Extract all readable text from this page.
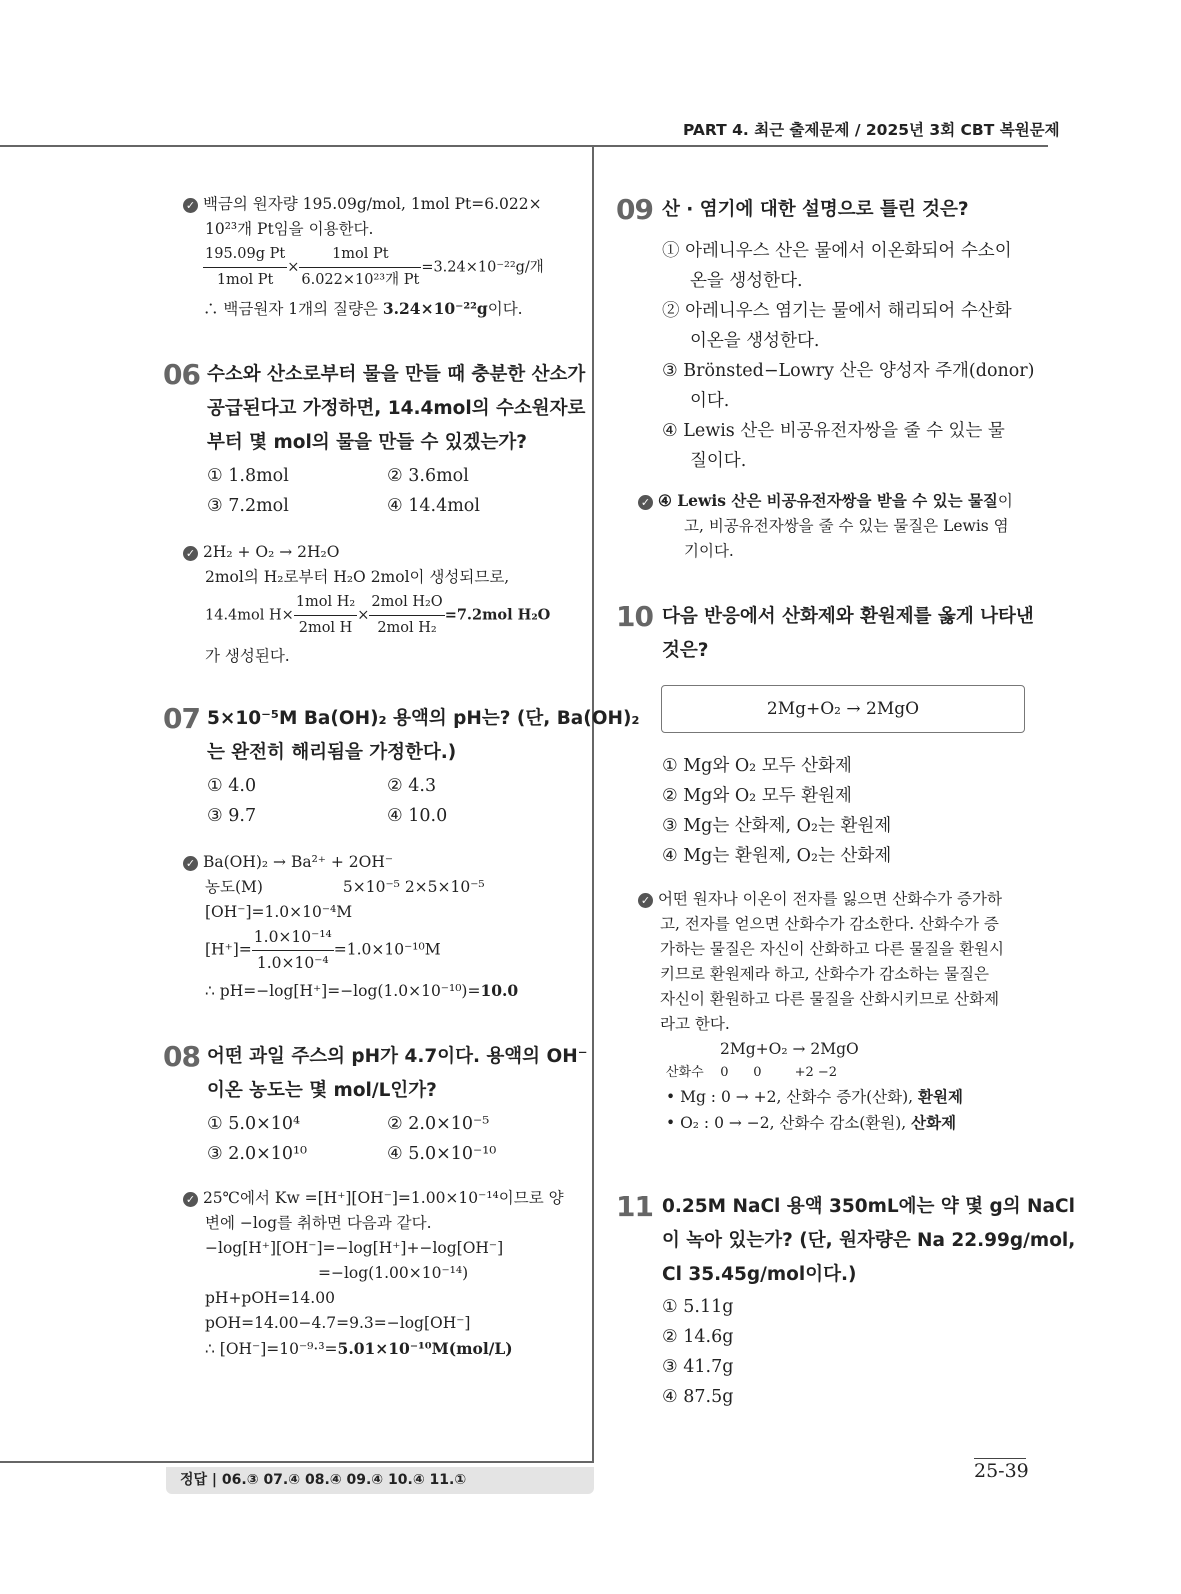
PART 4. 최근 출제문제 / 2025년 3회 CBT 복원문제
✓ 백금의 원자량 195.09g/mol, 1mol Pt=6.022×
10²³개 Pt임을 이용한다.
$\frac{\text{195.09g Pt}}{\text{1mol Pt}} \times \frac{\text{1mol Pt}}{\text{6.022×10²³개 Pt}} =3.24\times 10^{-22}g/$개
∴ 백금원자 1개의 질량은 3.24×10⁻²²g이다.
06 수소와 산소로부터 물을 만들 때 충분한 산소가
공급된다고 가정하면, 14.4mol의 수소원자로
부터 몇 mol의 물을 만들 수 있겠는가?
① 1.8mol	② 3.6mol
③ 7.2mol	④ 14.4mol
✓ 2H₂ + O₂ → 2H₂O
2mol의 H₂로부터 H₂O 2mol이 생성되므로,
14.4mol $H\times \frac{\text{1mol H₂}}{\text{2mol H}} \times \frac{\text{2mol H₂O}}{\text{2mol H₂}} =7.2mol$ H₂O
가 생성된다.
07 5×10⁻⁵M Ba(OH)₂ 용액의 pH는? (단, Ba(OH)₂
는 완전히 해리됨을 가정한다.)
① 4.0	② 4.3
③ 9.7	④ 10.0
✓ Ba(OH)₂ → Ba²⁺ + 2OH⁻
농도(M)	5×10⁻⁵ 2×5×10⁻⁵
[OH⁻]=1.0×10⁻⁴M
$[H^+]= \frac{\text{1.0×10⁻¹⁴}}{\text{1.0×10⁻⁴}} =1.0\times 10^{-10}M$
∴ pH=−log[H⁺]=−log(1.0×10⁻¹⁰)=10.0
08 어떤 과일 주스의 pH가 4.7이다. 용액의 OH⁻
이온 농도는 몇 mol/L인가?
① 5.0×10⁴	② 2.0×10⁻⁵
③ 2.0×10¹⁰	④ 5.0×10⁻¹⁰
✓ 25℃에서 Kw =[H⁺][OH⁻]=1.00×10⁻¹⁴이므로 양
변에 −log를 취하면 다음과 같다.
−log[H⁺][OH⁻]=−log[H⁺]+−log[OH⁻]
=−log(1.00×10⁻¹⁴)
pH+pOH=14.00
pOH=14.00−4.7=9.3=−log[OH⁻]
∴ [OH⁻]=10⁻⁹·³=5.01×10⁻¹⁰M(mol/L)
09 산 · 염기에 대한 설명으로 틀린 것은?
① 아레니우스 산은 물에서 이온화되어 수소이
온을 생성한다.
② 아레니우스 염기는 물에서 해리되어 수산화
이온을 생성한다.
③ Brönsted−Lowry 산은 양성자 주개(donor)
이다.
④ Lewis 산은 비공유전자쌍을 줄 수 있는 물
질이다.
✓ ④ Lewis 산은 비공유전자쌍을 받을 수 있는 물질이
고, 비공유전자쌍을 줄 수 있는 물질은 Lewis 염
기이다.
10 다음 반응에서 산화제와 환원제를 옳게 나타낸
것은?
2Mg+O₂ → 2MgO
① Mg와 O₂ 모두 산화제
② Mg와 O₂ 모두 환원제
③ Mg는 산화제, O₂는 환원제
④ Mg는 환원제, O₂는 산화제
✓ 어떤 원자나 이온이 전자를 잃으면 산화수가 증가하
고, 전자를 얻으면 산화수가 감소한다. 산화수가 증
가하는 물질은 자신이 산화하고 다른 물질을 환원시
키므로 환원제라 하고, 산화수가 감소하는 물질은
자신이 환원하고 다른 물질을 산화시키므로 산화제
라고 한다.
2Mg+O₂ → 2MgO
산화수 0      0        +2 −2
• Mg : 0 → +2, 산화수 증가(산화), 환원제
• O₂ : 0 → −2, 산화수 감소(환원), 산화제
11 0.25M NaCl 용액 350mL에는 약 몇 g의 NaCl
이 녹아 있는가? (단, 원자량은 Na 22.99g/mol,
Cl 35.45g/mol이다.)
① 5.11g
② 14.6g
③ 41.7g
④ 87.5g
정답 | 06.③ 07.④ 08.④ 09.④ 10.④ 11.①	25-39
